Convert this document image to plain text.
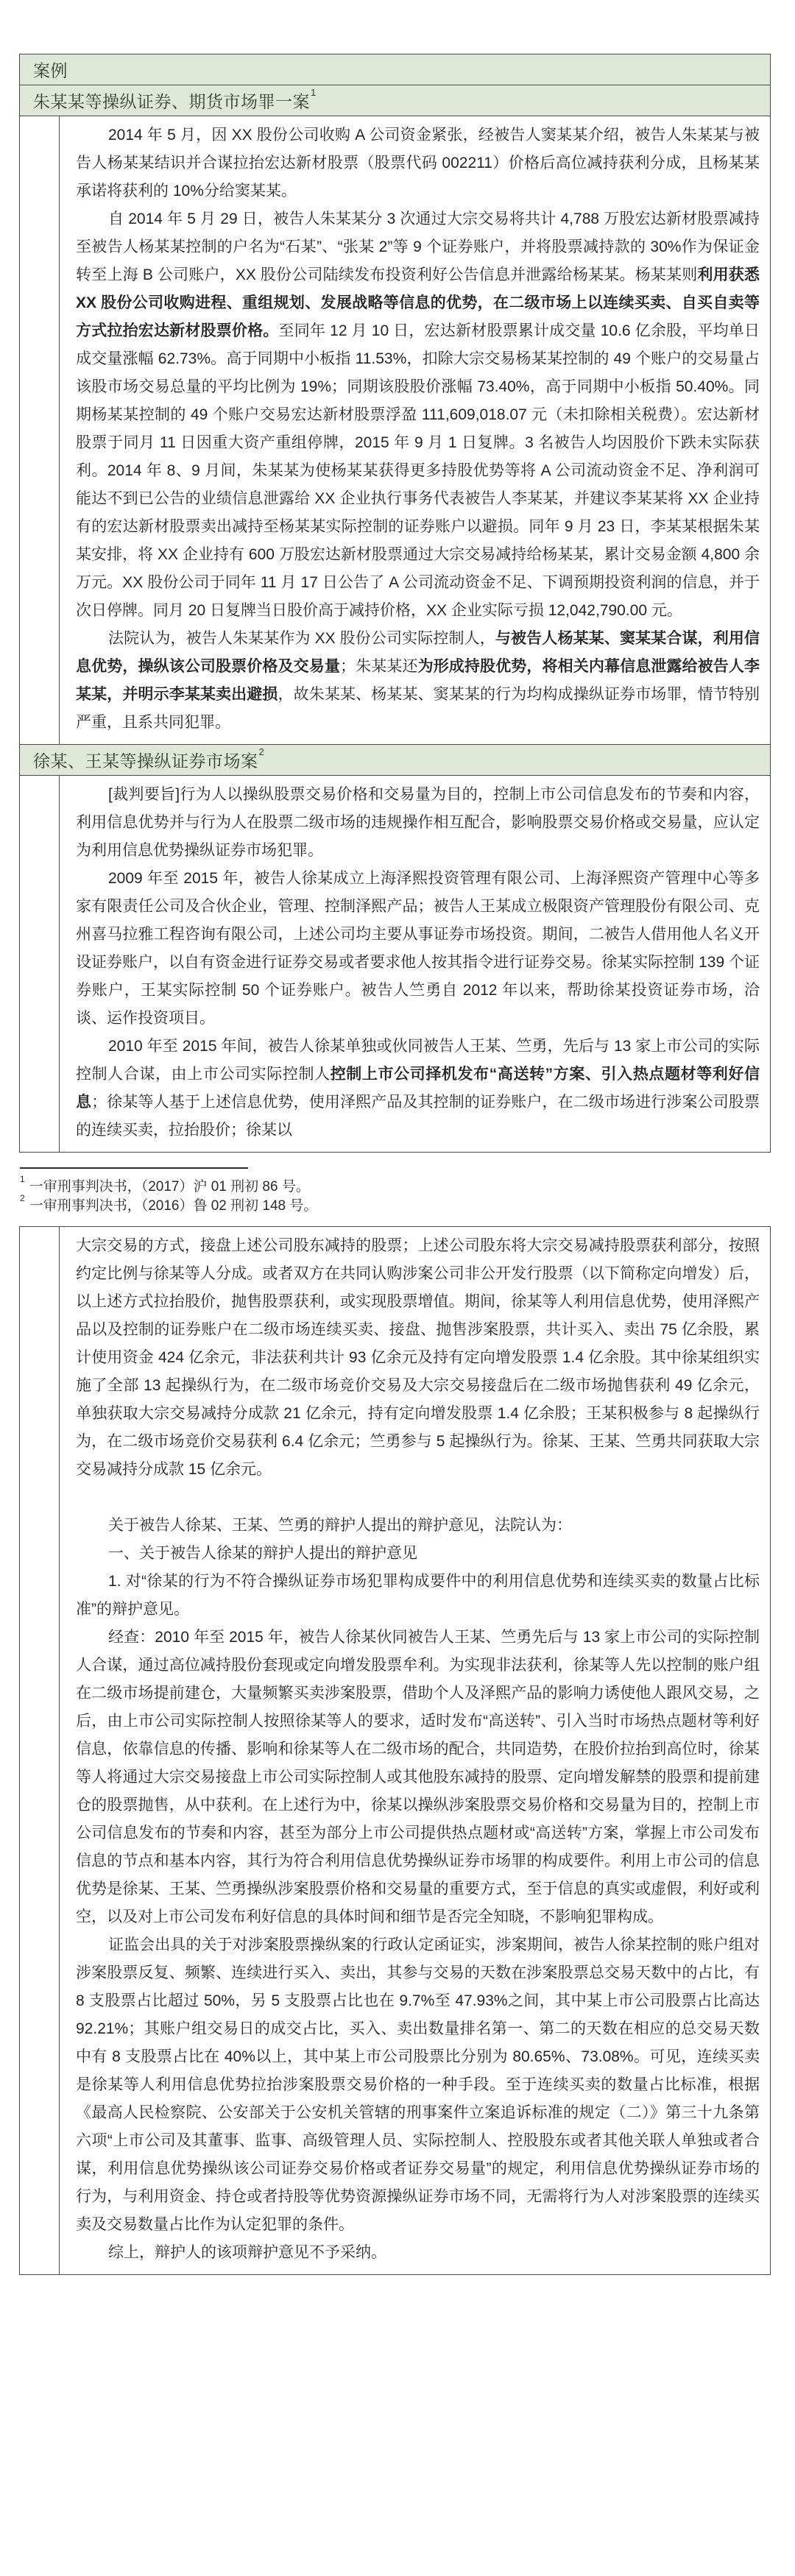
案例
朱某某等操纵证券、期货市场罪一案$^1$

2014 年 5 月，因 XX 股份公司收购 A 公司资金紧张，经被告人窦某某介绍，被告人朱某某与被告人杨某某结识并合谋拉抬宏达新材股票（股票代码 002211）价格后高位减持获利分成，且杨某某承诺将获利的 10%分给窦某某。

自 2014 年 5 月 29 日，被告人朱某某分 3 次通过大宗交易将共计 4,788 万股宏达新材股票减持至被告人杨某某控制的户名为“石某”、“张某 2”等 9 个证券账户，并将股票减持款的 30%作为保证金转至上海 B 公司账户，XX 股份公司陆续发布投资利好公告信息并泄露给杨某某。杨某某则利用获悉 XX 股份公司收购进程、重组规划、发展战略等信息的优势，在二级市场上以连续买卖、自买自卖等方式拉抬宏达新材股票价格。至同年 12 月 10 日，宏达新材股票累计成交量 10.6 亿余股，平均单日成交量涨幅 62.73%。高于同期中小板指 11.53%，扣除大宗交易杨某某控制的 49 个账户的交易量占该股市场交易总量的平均比例为 19%；同期该股股价涨幅 73.40%，高于同期中小板指 50.40%。同期杨某某控制的 49 个账户交易宏达新材股票浮盈 111,609,018.07 元（未扣除相关税费）。宏达新材股票于同月 11 日因重大资产重组停牌，2015 年 9 月 1 日复牌。3 名被告人均因股价下跌未实际获利。2014 年 8、9 月间，朱某某为使杨某某获得更多持股优势等将 A 公司流动资金不足、净利润可能达不到已公告的业绩信息泄露给 XX 企业执行事务代表被告人李某某，并建议李某某将 XX 企业持有的宏达新材股票卖出减持至杨某某实际控制的证券账户以避损。同年 9 月 23 日，李某某根据朱某某安排，将 XX 企业持有 600 万股宏达新材股票通过大宗交易减持给杨某某，累计交易金额 4,800 余万元。XX 股份公司于同年 11 月 17 日公告了 A 公司流动资金不足、下调预期投资利润的信息，并于次日停牌。同月 20 日复牌当日股价高于减持价格，XX 企业实际亏损 12,042,790.00 元。

法院认为，被告人朱某某作为 XX 股份公司实际控制人，与被告人杨某某、窦某某合谋，利用信息优势，操纵该公司股票价格及交易量；朱某某还为形成持股优势，将相关内幕信息泄露给被告人李某某，并明示李某某卖出避损，故朱某某、杨某某、窦某某的行为均构成操纵证券市场罪，情节特别严重，且系共同犯罪。

徐某、王某等操纵证券市场案$^2$

[裁判要旨]行为人以操纵股票交易价格和交易量为目的，控制上市公司信息发布的节奏和内容，利用信息优势并与行为人在股票二级市场的违规操作相互配合，影响股票交易价格或交易量，应认定为利用信息优势操纵证券市场犯罪。

2009 年至 2015 年，被告人徐某成立上海泽熙投资管理有限公司、上海泽熙资产管理中心等多家有限责任公司及合伙企业，管理、控制泽熙产品；被告人王某成立极限资产管理股份有限公司、克州喜马拉雅工程咨询有限公司，上述公司均主要从事证券市场投资。期间，二被告人借用他人名义开设证券账户，以自有资金进行证券交易或者要求他人按其指令进行证券交易。徐某实际控制 139 个证券账户，王某实际控制 50 个证券账户。被告人竺勇自 2012 年以来，帮助徐某投资证券市场，洽谈、运作投资项目。

2010 年至 2015 年间，被告人徐某单独或伙同被告人王某、竺勇，先后与 13 家上市公司的实际控制人合谋，由上市公司实际控制人控制上市公司择机发布“高送转”方案、引入热点题材等利好信息；徐某等人基于上述信息优势，使用泽熙产品及其控制的证券账户，在二级市场进行涉案公司股票的连续买卖，拉抬股价；徐某以

$^1$一审刑事判决书，（2017）沪 01 刑初 86 号。
$^2$一审刑事判决书，（2016）鲁 02 刑初 148 号。

大宗交易的方式，接盘上述公司股东减持的股票；上述公司股东将大宗交易减持股票获利部分，按照约定比例与徐某等人分成。或者双方在共同认购涉案公司非公开发行股票（以下简称定向增发）后，以上述方式拉抬股价，抛售股票获利，或实现股票增值。期间，徐某等人利用信息优势，使用泽熙产品以及控制的证券账户在二级市场连续买卖、接盘、抛售涉案股票，共计买入、卖出 75 亿余股，累计使用资金 424 亿余元，非法获利共计 93 亿余元及持有定向增发股票 1.4 亿余股。其中徐某组织实施了全部 13 起操纵行为，在二级市场竞价交易及大宗交易接盘后在二级市场抛售获利 49 亿余元，单独获取大宗交易减持分成款 21 亿余元，持有定向增发股票 1.4 亿余股；王某积极参与 8 起操纵行为，在二级市场竞价交易获利 6.4 亿余元；竺勇参与 5 起操纵行为。徐某、王某、竺勇共同获取大宗交易减持分成款 15 亿余元。

关于被告人徐某、王某、竺勇的辩护人提出的辩护意见，法院认为：

一、关于被告人徐某的辩护人提出的辩护意见

1. 对“徐某的行为不符合操纵证券市场犯罪构成要件中的利用信息优势和连续买卖的数量占比标准”的辩护意见。

经查：2010 年至 2015 年，被告人徐某伙同被告人王某、竺勇先后与 13 家上市公司的实际控制人合谋，通过高位减持股份套现或定向增发股票牟利。为实现非法获利，徐某等人先以控制的账户组在二级市场提前建仓，大量频繁买卖涉案股票，借助个人及泽熙产品的影响力诱使他人跟风交易，之后，由上市公司实际控制人按照徐某等人的要求，适时发布“高送转”、引入当时市场热点题材等利好信息，依靠信息的传播、影响和徐某等人在二级市场的配合，共同造势，在股价拉抬到高位时，徐某等人将通过大宗交易接盘上市公司实际控制人或其他股东减持的股票、定向增发解禁的股票和提前建仓的股票抛售，从中获利。在上述行为中，徐某以操纵涉案股票交易价格和交易量为目的，控制上市公司信息发布的节奏和内容，甚至为部分上市公司提供热点题材或“高送转”方案，掌握上市公司发布信息的节点和基本内容，其行为符合利用信息优势操纵证券市场罪的构成要件。利用上市公司的信息优势是徐某、王某、竺勇操纵涉案股票价格和交易量的重要方式，至于信息的真实或虚假，利好或利空，以及对上市公司发布利好信息的具体时间和细节是否完全知晓，不影响犯罪构成。

证监会出具的关于对涉案股票操纵案的行政认定函证实，涉案期间，被告人徐某控制的账户组对涉案股票反复、频繁、连续进行买入、卖出，其参与交易的天数在涉案股票总交易天数中的占比，有 8 支股票占比超过 50%，另 5 支股票占比也在 9.7%至 47.93%之间，其中某上市公司股票占比高达 92.21%；其账户组交易日的成交占比，买入、卖出数量排名第一、第二的天数在相应的总交易天数中有 8 支股票占比在 40%以上，其中某上市公司股票比分别为 80.65%、73.08%。可见，连续买卖是徐某等人利用信息优势拉抬涉案股票交易价格的一种手段。至于连续买卖的数量占比标准，根据《最高人民检察院、公安部关于公安机关管辖的刑事案件立案追诉标准的规定（二）》第三十九条第六项“上市公司及其董事、监事、高级管理人员、实际控制人、控股股东或者其他关联人单独或者合谋，利用信息优势操纵该公司证券交易价格或者证券交易量”的规定，利用信息优势操纵证券市场的行为，与利用资金、持仓或者持股等优势资源操纵证券市场不同，无需将行为人对涉案股票的连续买卖及交易数量占比作为认定犯罪的条件。

综上，辩护人的该项辩护意见不予采纳。
